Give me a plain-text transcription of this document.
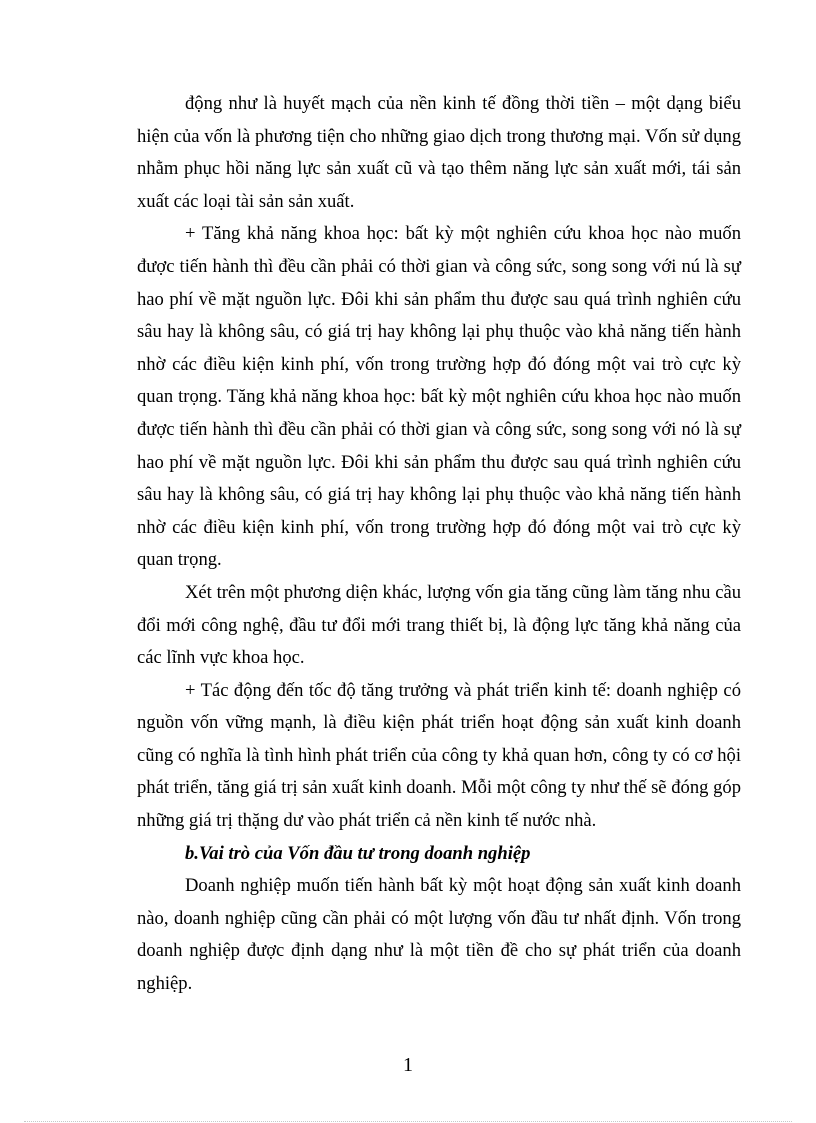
động như là huyết mạch của nền kinh tế đồng thời tiền – một dạng biểu hiện của vốn là phương tiện cho những giao dịch trong thương mại. Vốn sử dụng nhằm phục hồi năng lực sản xuất cũ và tạo thêm năng lực sản xuất mới, tái sản xuất các loại tài sản sản xuất.

+ Tăng khả năng khoa học: bất kỳ một nghiên cứu khoa học nào muốn được tiến hành thì đều cần phải có thời gian và công sức, song song với nú là sự hao phí về mặt nguồn lực. Đôi khi sản phẩm thu được sau quá trình nghiên cứu sâu hay là không sâu, có giá trị hay không lại phụ thuộc vào khả năng tiến hành nhờ các điều kiện kinh phí, vốn trong trường hợp đó đóng một vai trò cực kỳ quan trọng. Tăng khả năng khoa học: bất kỳ một nghiên cứu khoa học nào muốn được tiến hành thì đều cần phải có thời gian và công sức, song song với nó là sự hao phí về mặt nguồn lực. Đôi khi sản phẩm thu được sau quá trình nghiên cứu sâu hay là không sâu, có giá trị hay không lại phụ thuộc vào khả năng tiến hành nhờ các điều kiện kinh phí, vốn trong trường hợp đó đóng một vai trò cực kỳ quan trọng.

Xét trên một phương diện khác, lượng vốn gia tăng cũng làm tăng nhu cầu đổi mới công nghệ, đầu tư đổi mới trang thiết bị, là động lực tăng khả năng của các lĩnh vực khoa học.

+ Tác động đến tốc độ tăng trưởng và phát triển kinh tế: doanh nghiệp có nguồn vốn vững mạnh, là điều kiện phát triển hoạt động sản xuất kinh doanh cũng có nghĩa là tình hình phát triển của công ty khả quan hơn, công ty có cơ hội phát triển, tăng giá trị sản xuất kinh doanh. Mỗi một công ty như thế sẽ đóng góp những giá trị thặng dư vào phát triển cả nền kinh tế nước nhà.

b.Vai trò của Vốn đầu tư trong doanh nghiệp

Doanh nghiệp muốn tiến hành bất kỳ một hoạt động sản xuất kinh doanh nào, doanh nghiệp cũng cần phải có một lượng vốn đầu tư nhất định. Vốn trong doanh nghiệp được định dạng như là một tiền đề cho sự phát triển của doanh nghiệp.

1
